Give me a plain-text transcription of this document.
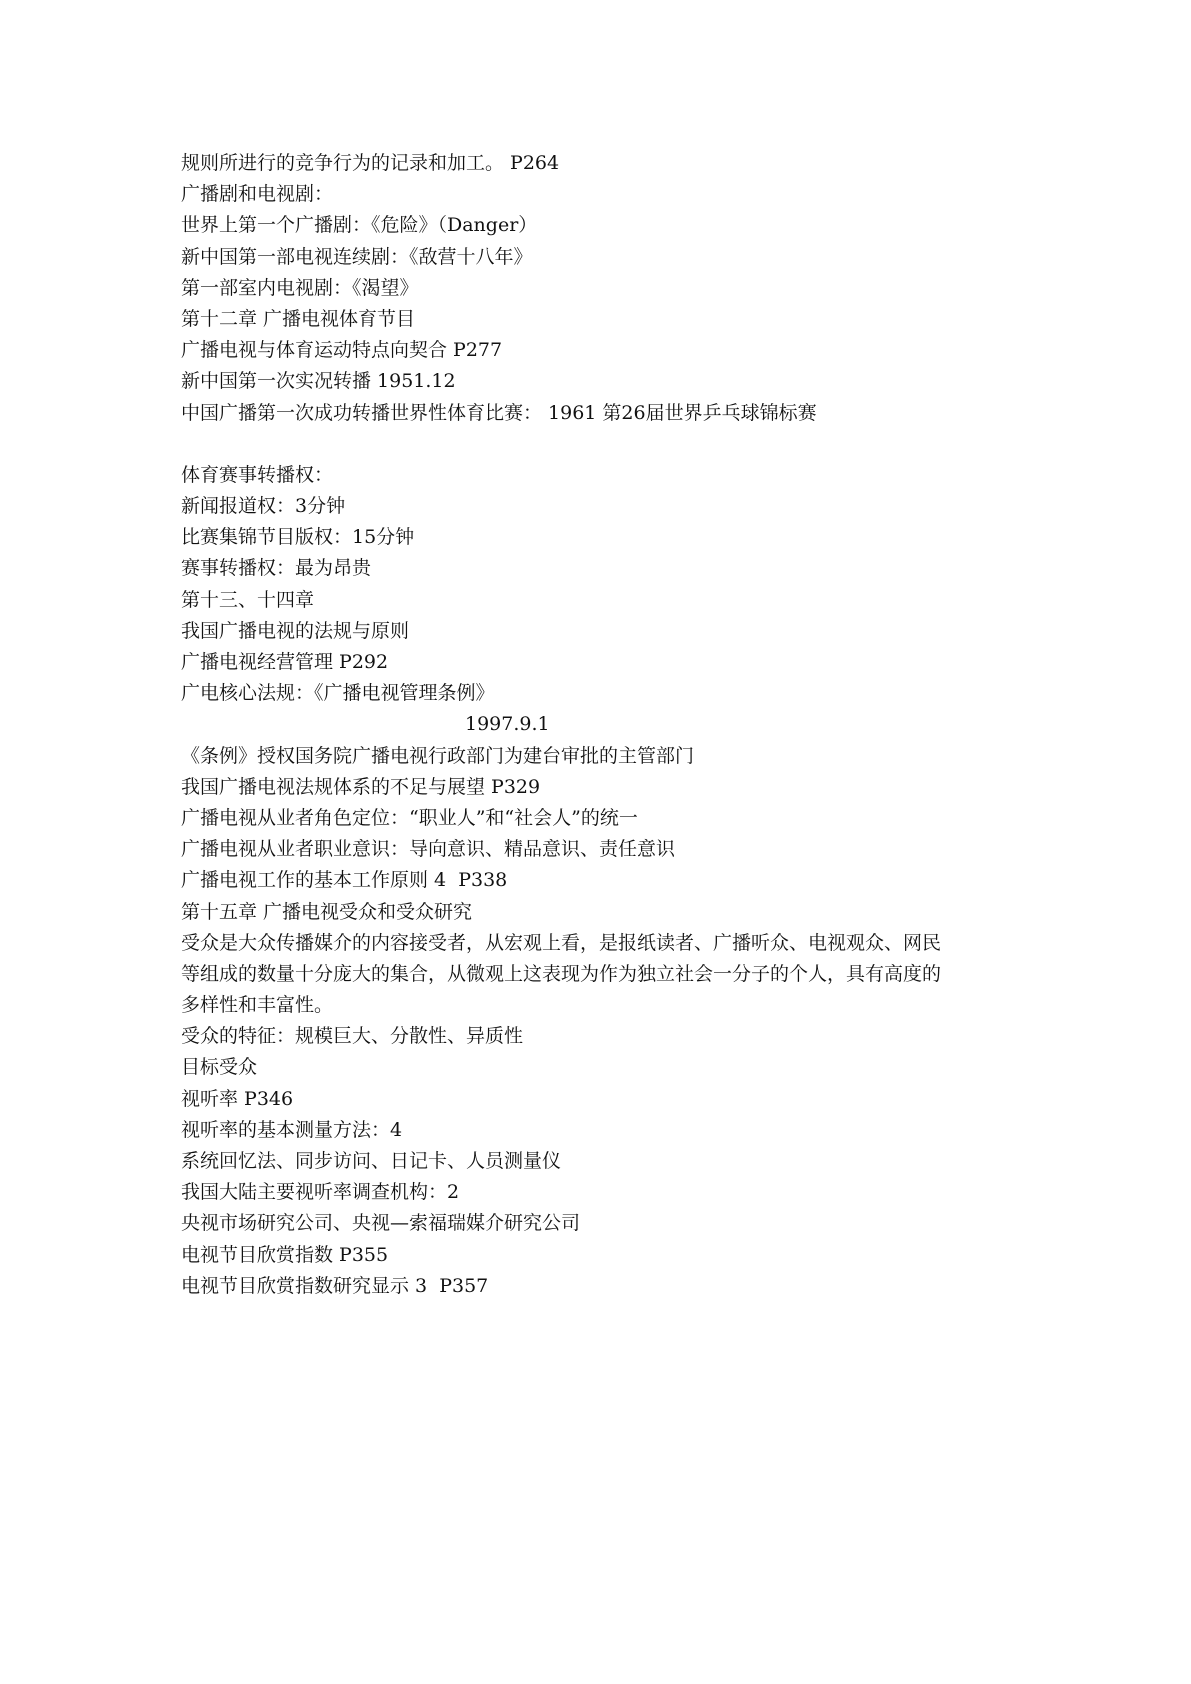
规则所进行的竞争行为的记录和加工。 P264
广播剧和电视剧：
世界上第一个广播剧：《危险》（Danger）
新中国第一部电视连续剧：《敌营十八年》
第一部室内电视剧：《渴望》
第十二章 广播电视体育节目
广播电视与体育运动特点向契合 P277
新中国第一次实况转播 1951.12
中国广播第一次成功转播世界性体育比赛： 1961 第26届世界乒乓球锦标赛
体育赛事转播权：
新闻报道权：3分钟
比赛集锦节目版权：15分钟
赛事转播权：最为昂贵
第十三、十四章
我国广播电视的法规与原则
广播电视经营管理 P292
广电核心法规：《广播电视管理条例》
1997.9.1
《条例》授权国务院广播电视行政部门为建台审批的主管部门
我国广播电视法规体系的不足与展望 P329
广播电视从业者角色定位：“职业人”和“社会人”的统一
广播电视从业者职业意识：导向意识、精品意识、责任意识
广播电视工作的基本工作原则 4  P338
第十五章 广播电视受众和受众研究
受众是大众传播媒介的内容接受者，从宏观上看，是报纸读者、广播听众、电视观众、网民
等组成的数量十分庞大的集合，从微观上这表现为作为独立社会一分子的个人，具有高度的
多样性和丰富性。
受众的特征：规模巨大、分散性、异质性
目标受众
视听率 P346
视听率的基本测量方法：4
系统回忆法、同步访问、日记卡、人员测量仪
我国大陆主要视听率调查机构：2
央视市场研究公司、央视—索福瑞媒介研究公司
电视节目欣赏指数 P355
电视节目欣赏指数研究显示 3  P357
